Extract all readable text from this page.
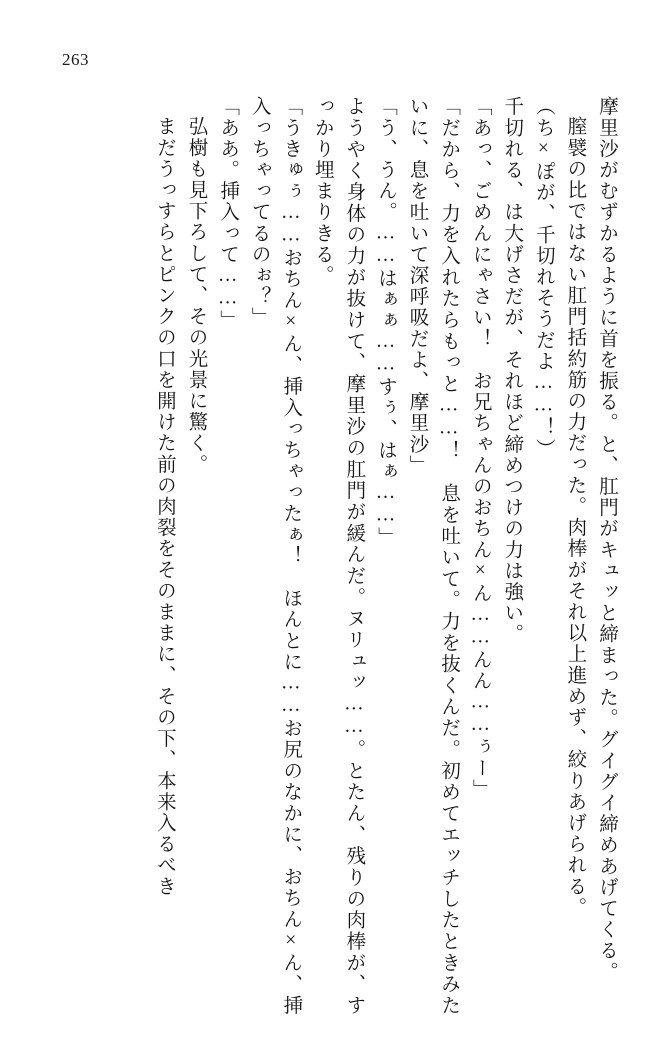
263

摩里沙がむずかるように首を振る。と、肛門がキュッと締まった。グイグイ締めあげてくる。

膣襞の比ではない肛門括約筋の力だった。肉棒がそれ以上進めず、絞りあげられる。

（ち×ぽが、千切れそうだよ……！）

千切れる、は大げさだが、それほど締めつけの力は強い。

「あっ、ごめんにゃさい！　お兄ちゃんのおちん×ん……んん……ぅー」

「だから、力を入れたらもっと……！　息を吐いて。力を抜くんだ。初めてエッチしたときみたいに、息を吐いて深呼吸だよ、摩里沙」

「う、うん。……はぁぁ……すぅ、はぁ……」

ようやく身体の力が抜けて、摩里沙の肛門が緩んだ。ヌリュッ……。とたん、残りの肉棒が、すっかり埋まりきる。

「うきゅぅ……おちん×ん、挿入っちゃったぁ！　ほんとに……お尻のなかに、おちん×ん、挿入っちゃってるのぉ？」

「ああ。挿入って……」

弘樹も見下ろして、その光景に驚く。

まだうっすらとピンクの口を開けた前の肉裂をそのままに、その下、本来入るべき
